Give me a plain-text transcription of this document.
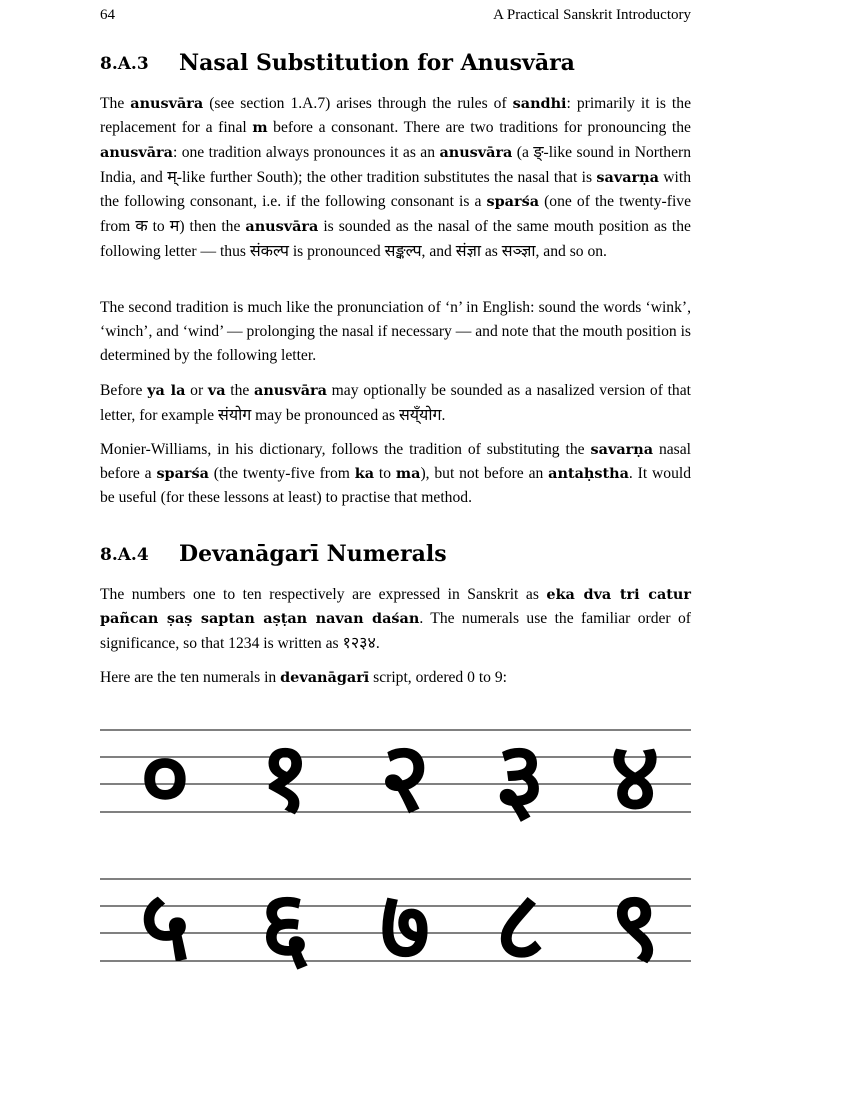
64	A Practical Sanskrit Introductory
8.A.3 Nasal Substitution for Anusvāra
The anusvāra (see section 1.A.7) arises through the rules of sandhi: primarily it is the replacement for a final m before a consonant. There are two traditions for pronouncing the anusvāra: one tradition always pronounces it as an anusvāra (a ङ्-like sound in Northern India, and म्-like further South); the other tradition substitutes the nasal that is savarṇa with the following consonant, i.e. if the following consonant is a sparśa (one of the twenty-five from क to म) then the anusvāra is sounded as the nasal of the same mouth position as the following letter — thus संकल्प is pronounced सङ्कल्प, and संज्ञा as सञ्ज्ञा, and so on.
The second tradition is much like the pronunciation of ‘n’ in English: sound the words ‘wink’, ‘winch’, and ‘wind’ — prolonging the nasal if necessary — and note that the mouth position is determined by the following letter.
Before ya la or va the anusvāra may optionally be sounded as a nasalized version of that letter, for example संयोग may be pronounced as सय्ँयोग.
Monier-Williams, in his dictionary, follows the tradition of substituting the savarṇa nasal before a sparśa (the twenty-five from ka to ma), but not before an antaḥstha. It would be useful (for these lessons at least) to practise that method.
8.A.4 Devanāgarī Numerals
The numbers one to ten respectively are expressed in Sanskrit as eka dva tri catur pañcan ṣaṣ saptan aṣṭan navan daśan. The numerals use the familiar order of significance, so that 1234 is written as १२३४.
Here are the ten numerals in devanāgarī script, ordered 0 to 9:
० १ २ ३ ४
५ ६ ७ ८ ९
